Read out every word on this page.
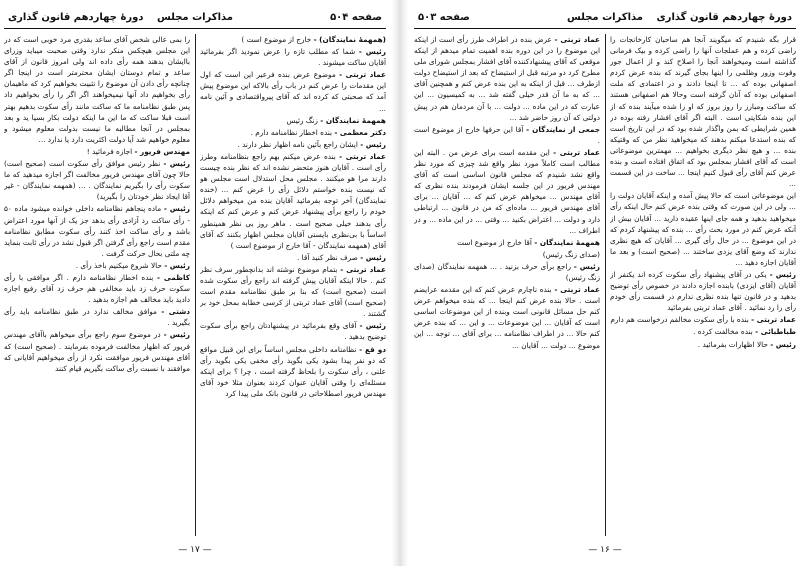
صفحه ۵۰۴
مذاکرات مجلس
دورهٔ چهاردهم قانون گذاری

(همهمهٔ نمایندگان) - خارج از موضوع است )

رئیس - شما که مطلب تازه را عرض نمودید اگر بفرمائید آقایان ساکت میشوند .

عماد تربتی - موضوع عرض بنده فرعیر این است که اول این مقدمات را عرض کنم در باب رأی بالاکه این موضوع پیش آمد که صحبتی که کرده اند که آقای پیرواقتصادی و آئین نامه ...

همهمهٔ نمایندگان - زنگ رئیس

دکتر معظمی - بنده اخطار نظامنامه دارم .

رئیس - ایشان راجع بآئین نامه اظهار نظر دارند .

عماد تربتی - بنده عرض میکنم بهم راجع بنظامنامه وطرز رأی است . آقایان هنوز متحضر نشده اند که نظر بنده چیست دارند مرا هو میکنند . مجلس محل استدلال است مجلس هو که نیست بنده خواستم دلائل رأی را عرض کنم ... (خنده نمایندگان) آخر توجه بفرمائید آقایان بنده من میخواهم دلائل خودم را راجع برأی پیشنهاد عرض کنم و عرض کنم که اینکه رأی بدهند خیلی صحیح است . ماهر روز بی نظر همینطور اساساً با بی‌نظری بایستی آقایان مجلس اظهار بکنند که آقای آقای (همهمه نمایندگان - آقا خارج از موضوع است )

رئیس - صرف نظر کنید آقا .

عماد تربتی - بتمام موضوع نوشته اند بدانچطور سرف نظر کنم . حالا اینکه آقایان پیش گرفته اند راجع رأی سکوت شده است (صحیح است) که بنا بر طبق نظامنامه مقدم است (صحیح است) آقای عماد تربتی از کرسی خطابه بمحل خود بر گشتند .

رئیس - آقای وقع بفرمائید در پیشنهادتان راجع برأی سکوت توضیح بدهید .

دو قع - نظامنامه داخلی مجلس اساساً برای این قبیل مواقع که دو نفر پیدا بشود یکی بگوید رأی مخفی یکی بگوید رأی علنی ، رأی سکوت را بلحاظ گرفته است ، چرا ؟ برای اینکه مسئله‌ای را وقتی آقایان عنوان کردند بعنوان مثلا خود آقای مهندس فریور اصطلاحاتی در قانون بانک ملی پیدا کرد

را بمی عالی شخص آقای ساعد بقدری مرد خوبی است که در این مجلس هیچکس منکر ندارد وقتی صحبت میباید وزرای باایشان بدهند همه رأی داده اند ولی امروز قانون از آقای ساعد و تمام دوستان ایشان محترمتر است در اینجا اگر چنانچه رأی دادن آن موضوع را تثبیت بخواهیم کرد که ماهیمان رأی بخواهیم داد آنها نیمیخواهند اگر اگر را رأی بخواهیم داد پس طبق نظامنامه ما که ساکت مانند رأی سکوت بدهیم بهتر است قبلا ساکت که ما این ما اینکه دولت بکار بسیا ید و بعد بمجلس در آنجا مطالبه ما نیست بدولت معلوم میشود و معلوم خواهیم شد آیا دولت اکثریت دارد یا ندارد ...

مهندس فریور - اجازه فرمائید !

رئیس - نظر رئیس موافق رأی سکوت است (صحیح است) حالا چون آقای مهندس فریور مخالفت اگر اجازه میدهید که ما سکوت رأی را بگیریم نمایندگان . ... (همهمه نمایندگان - غیر آقا ایجاد نظر خودتان را بگیرید)

رئیس - ماده پنجاهم نظامنامه داخلی خوانده میشود ماده ۵۰ - رأی ساکت رد آزادی رأی بدهد جز یک از آنها مورد اعتراض باشد و رأی ساکت اخذ کنند رأی سکوت مطابق نظامنامه مقدم است راجع رأی گرفتن اگر قبول نشد در رأی ثابت بنماید چه ملتی بحال حرکت گرفت .

رئیس - حالا شروع میکنیم باخذ رأی .

کاظمی - بنده اخطار نظامنامه دارم . اگر موافقی با رأی سکوت حرف زد باید مخالفی هم حرف زد آقای رفیع اجازه دادید باید مخالف هم اجازه بدهید .

دشتی - موافق مخالف ندارد در طبق نظامنامه باید رأی بگیرید .

رئیس - در موضوع سوم راجع برأی میخواهم باآقای مهندس فریور که اظهار مخالفت فرموده بفرمایند . (صحیح است) که آقای مهندس فریور موافقت نکرد از رأی میخواهیم آقایانی که موافقند با نسبت رأی ساکت بگیریم قیام کنند

— ۱۷ —
دورهٔ چهاردهم قانون گذاری
مذاکرات مجلس
صفحه ۵۰۳

قرار بگه شنیدم که میگویند آنجا هم ساحبان کارخانجات را راضی کرده و هم عملجات آنها را راضی کرده و بیک فرمانی گذاشته است ومیخواهند آنجا را اصلاح کند و از اعمال جور وقوت وزور وظلمی را اینها بجای گیرند که بنده عرض کردم اصفهانی بوده که ... تا اینجا دادند و در اعتمادی که ملت اصفهانی بوده که آنان گرفته است وحالا هم اصفهانی هستند که ساکت ومبارز را روز بروز که او را شده میآیند بنده که از این بنده شکایتی است . البته اگر آقای افشار رفته بوده در همین شرایطی که بمن واگذار شده بود که در این تاریخ است که بنده استدعا میکنم بدهند که میخواهید نظر من که وقتیکه بنده ... و هیچ نظر دیگری بخواهیم ... مهمترین موضوعاتی است که آقای افشار بمجلس بود که اتفاق افتاده است و بنده عرض کنم آقای رأی قبول کنیم اینجا ... ساخت در این قسمت ...

این موضوعاتی است که حالا پیش آمده و اینکه آقایان دولت را ... ولی در این صورت که وقتی بنده عرض کنم حال اینکه رأی میخواهید بدهید و همه جای اینها عقیده دارید ... آقایان بیش از آنکه عرض کنم در مورد بحث رأی ... بنده که پیشنهاد کردم که در این موضوع ... در حال رأی گیری ... آقایان که هیچ نظری ندارند که وضع آقای یزدی ساختند ... (صحیح است) و بعد ما آقایان اجازه دهید ...

رئیس - یکی در آقای پیشنهاد رأی سکوت کرده اند یکنفر از آقایان (آقای ایزدی) بابنده اجازه دادند در خصوص رأی توضیح بدهید و در قانون تنها بنده نظری ندارم در قسمت رأی خودم رأی را رد نمائید . آقای عماد تربتی بفرمائید

عماد تربتی - بنده با رأی سکوت مخالفم درخواست هم دارم

طباطبائی - بنده مخالفت کرده .

رئیس - حالا اظهارات بفرمائید .

عماد تربتی - عرض بنده در اطراف طرز رأی است از اینکه این موضوع را در این دوره بنده اهمیت تمام میدهم از اینکه موقعی که آقای پیشنهادکننده آقای افشار بمجلس شورای ملی مطرح کرد دو مرتبه قبل از استیضاح که بعد از استیضاح دولت ازطرف ... قبل از اینکه به این بنده عرض کنم و همچنین آقای ... که به ما آن قدر خیلی گفته شد ... به کمیسیون ... این عبارت که در این ماده ... دولت ... با آن مردمان هم در پیش دولتی که آن روز حاضر شد ...

جمعی از نمایندگان - آقا این حرفها خارج از موضوع است .

عماد تربتی - این مقدمه است برای عرض من . البته این مطالب است کاملاً مورد نظر واقع شد چیزی که مورد نظر واقع نشد شنیدم که مجلس قانون اساسی است که آقای مهندس فریور در این جلسه ایشان فرمودند بنده نظری که آقای مهندس ... میخواهم عرض کنم که ... آقایان ... برای آقای مهندس فریور ... ماده‌ای که من در قانون ... ارتباطی دارد و دولت ... اعتراض بکنید ... وقتی ... در این ماده ... و در اطراف ...

همهمهٔ نمایندگان - آقا خارج از موضوع است

(صدای زنگ رئیس)

رئیس - راجع برأی حرف بزنید . ... همهمه نمایندگان (صدای زنگ رئیس)

عماد تربتی - بنده ناچارم عرض کنم که این مقدمه عرایضم است . حالا بنده عرض کنم اینجا ... که بنده میخواهم عرض کنم حل مسائل قانونی است وبنده از این موضوعات اساسی است که آقایان ... این موضوعات ... و این ... که بنده عرض کنم حالا ... در اطراف نظامنامه ... برای آقای ... توجه ... این موضوع ... دولت ... آقایان ...

— ۱۶ —
